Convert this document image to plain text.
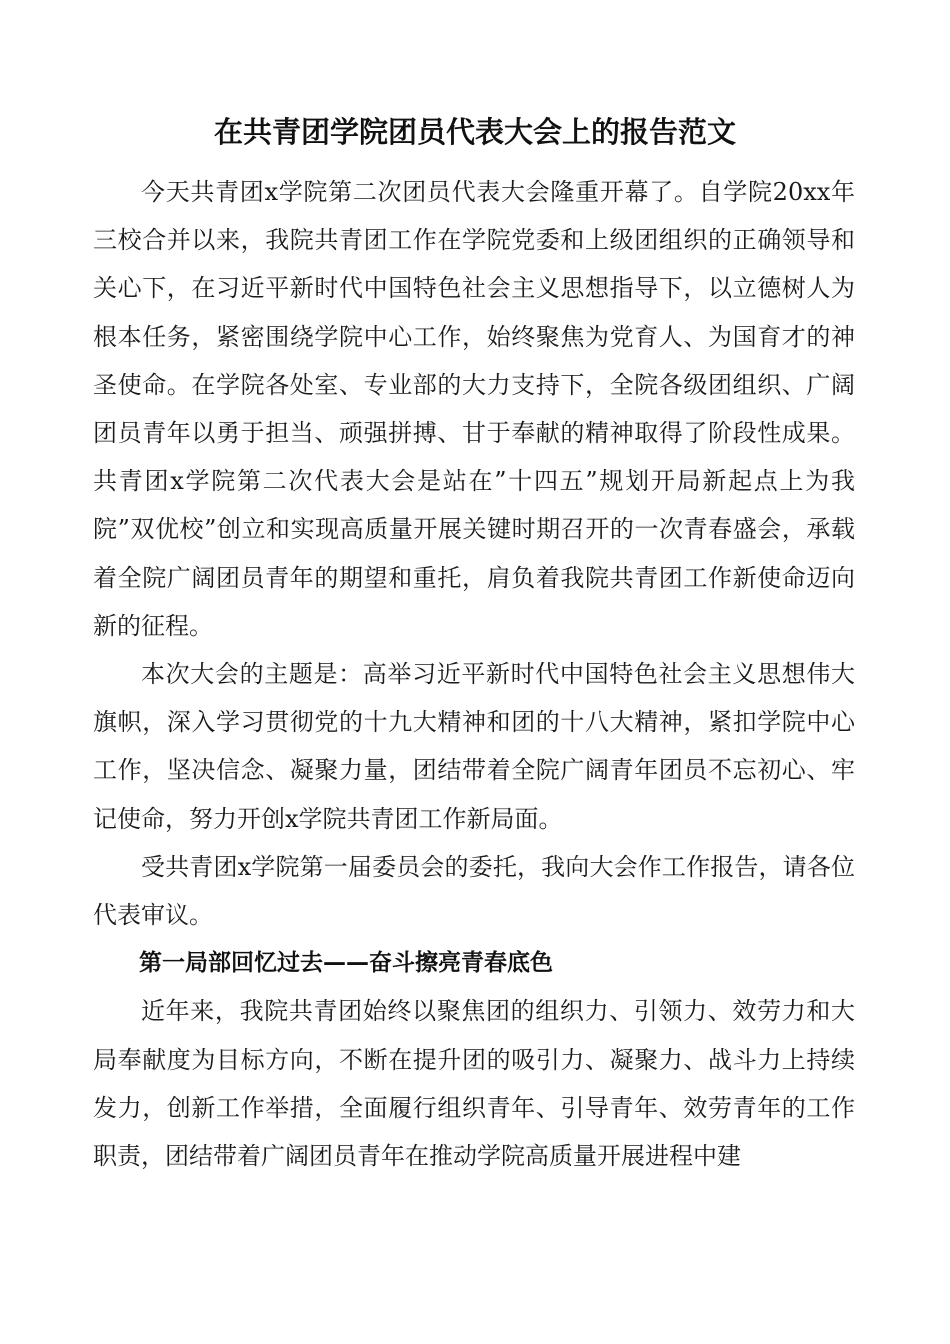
在共青团学院团员代表大会上的报告范文

今天共青团x学院第二次团员代表大会隆重开幕了。自学院20xx年三校合并以来，我院共青团工作在学院党委和上级团组织的正确领导和关心下，在习近平新时代中国特色社会主义思想指导下，以立德树人为根本任务，紧密围绕学院中心工作，始终聚焦为党育人、为国育才的神圣使命。在学院各处室、专业部的大力支持下，全院各级团组织、广阔团员青年以勇于担当、顽强拼搏、甘于奉献的精神取得了阶段性成果。共青团x学院第二次代表大会是站在”十四五”规划开局新起点上为我院”双优校”创立和实现高质量开展关键时期召开的一次青春盛会，承载着全院广阔团员青年的期望和重托，肩负着我院共青团工作新使命迈向新的征程。

本次大会的主题是：高举习近平新时代中国特色社会主义思想伟大旗帜，深入学习贯彻党的十九大精神和团的十八大精神，紧扣学院中心工作，坚决信念、凝聚力量，团结带着全院广阔青年团员不忘初心、牢记使命，努力开创x学院共青团工作新局面。

受共青团x学院第一届委员会的委托，我向大会作工作报告，请各位代表审议。

第一局部回忆过去——奋斗擦亮青春底色

近年来，我院共青团始终以聚焦团的组织力、引领力、效劳力和大局奉献度为目标方向，不断在提升团的吸引力、凝聚力、战斗力上持续发力，创新工作举措，全面履行组织青年、引导青年、效劳青年的工作职责，团结带着广阔团员青年在推动学院高质量开展进程中建
